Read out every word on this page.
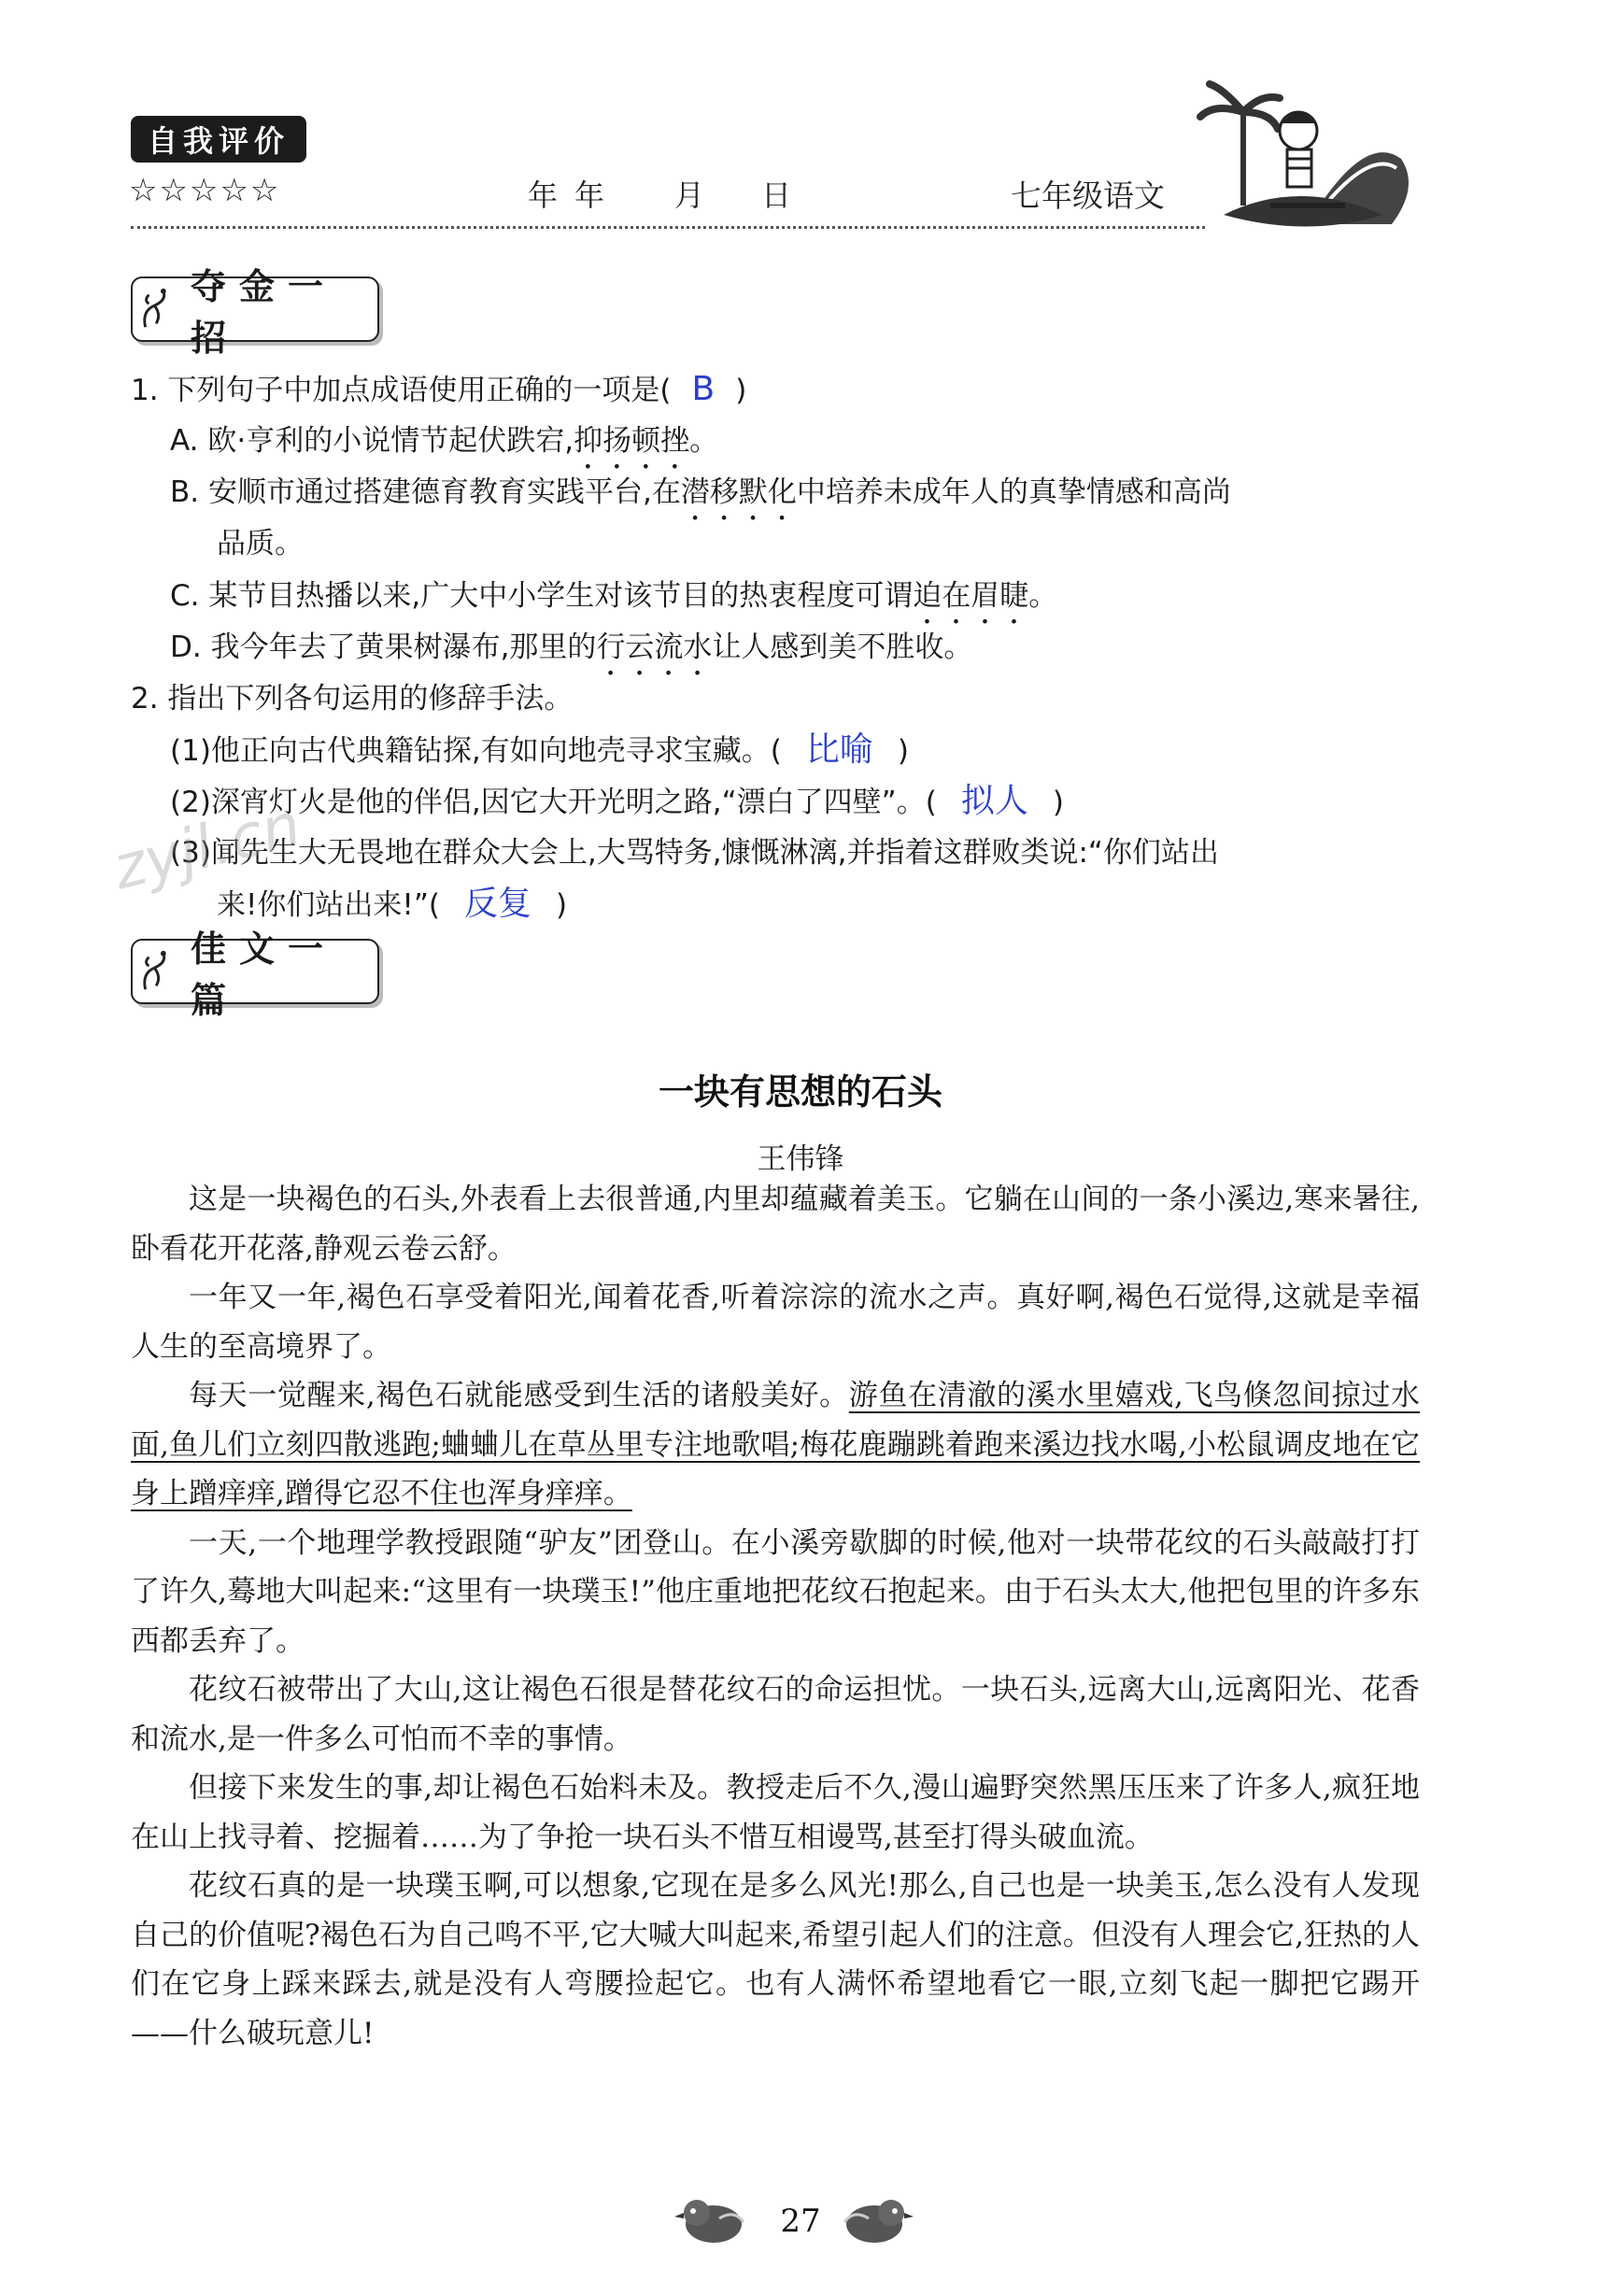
自我评价
☆☆☆☆☆	年 年 月 日	七年级语文
夺金一招
1. 下列句子中加点成语使用正确的一项是( B )
A. 欧·亨利的小说情节起伏跌宕,抑扬顿挫。
B. 安顺市通过搭建德育教育实践平台,在潜移默化中培养未成年人的真挚情感和高尚
品质。
C. 某节目热播以来,广大中小学生对该节目的热衷程度可谓迫在眉睫。
D. 我今年去了黄果树瀑布,那里的行云流水让人感到美不胜收。
2. 指出下列各句运用的修辞手法。
(1)他正向古代典籍钻探,有如向地壳寻求宝藏。( 比喻 )
(2)深宵灯火是他的伴侣,因它大开光明之路,“漂白了四壁”。( 拟人 )
(3)闻先生大无畏地在群众大会上,大骂特务,慷慨淋漓,并指着这群败类说:“你们站出
来!你们站出来!”( 反复 )
zyjl.cn
佳文一篇
一块有思想的石头
王伟锋

这是一块褐色的石头,外表看上去很普通,内里却蕴藏着美玉。它躺在山间的一条小溪边,寒来暑往,卧看花开花落,静观云卷云舒。

一年又一年,褐色石享受着阳光,闻着花香,听着淙淙的流水之声。真好啊,褐色石觉得,这就是幸福人生的至高境界了。

每天一觉醒来,褐色石就能感受到生活的诸般美好。游鱼在清澈的溪水里嬉戏,飞鸟倏忽间掠过水面,鱼儿们立刻四散逃跑;蛐蛐儿在草丛里专注地歌唱;梅花鹿蹦跳着跑来溪边找水喝,小松鼠调皮地在它身上蹭痒痒,蹭得它忍不住也浑身痒痒。

一天,一个地理学教授跟随“驴友”团登山。在小溪旁歇脚的时候,他对一块带花纹的石头敲敲打打了许久,蓦地大叫起来:“这里有一块璞玉!”他庄重地把花纹石抱起来。由于石头太大,他把包里的许多东西都丢弃了。

花纹石被带出了大山,这让褐色石很是替花纹石的命运担忧。一块石头,远离大山,远离阳光、花香和流水,是一件多么可怕而不幸的事情。

但接下来发生的事,却让褐色石始料未及。教授走后不久,漫山遍野突然黑压压来了许多人,疯狂地在山上找寻着、挖掘着……为了争抢一块石头不惜互相谩骂,甚至打得头破血流。

花纹石真的是一块璞玉啊,可以想象,它现在是多么风光!那么,自己也是一块美玉,怎么没有人发现自己的价值呢?褐色石为自己鸣不平,它大喊大叫起来,希望引起人们的注意。但没有人理会它,狂热的人们在它身上踩来踩去,就是没有人弯腰捡起它。也有人满怀希望地看它一眼,立刻飞起一脚把它踢开——什么破玩意儿!

27
